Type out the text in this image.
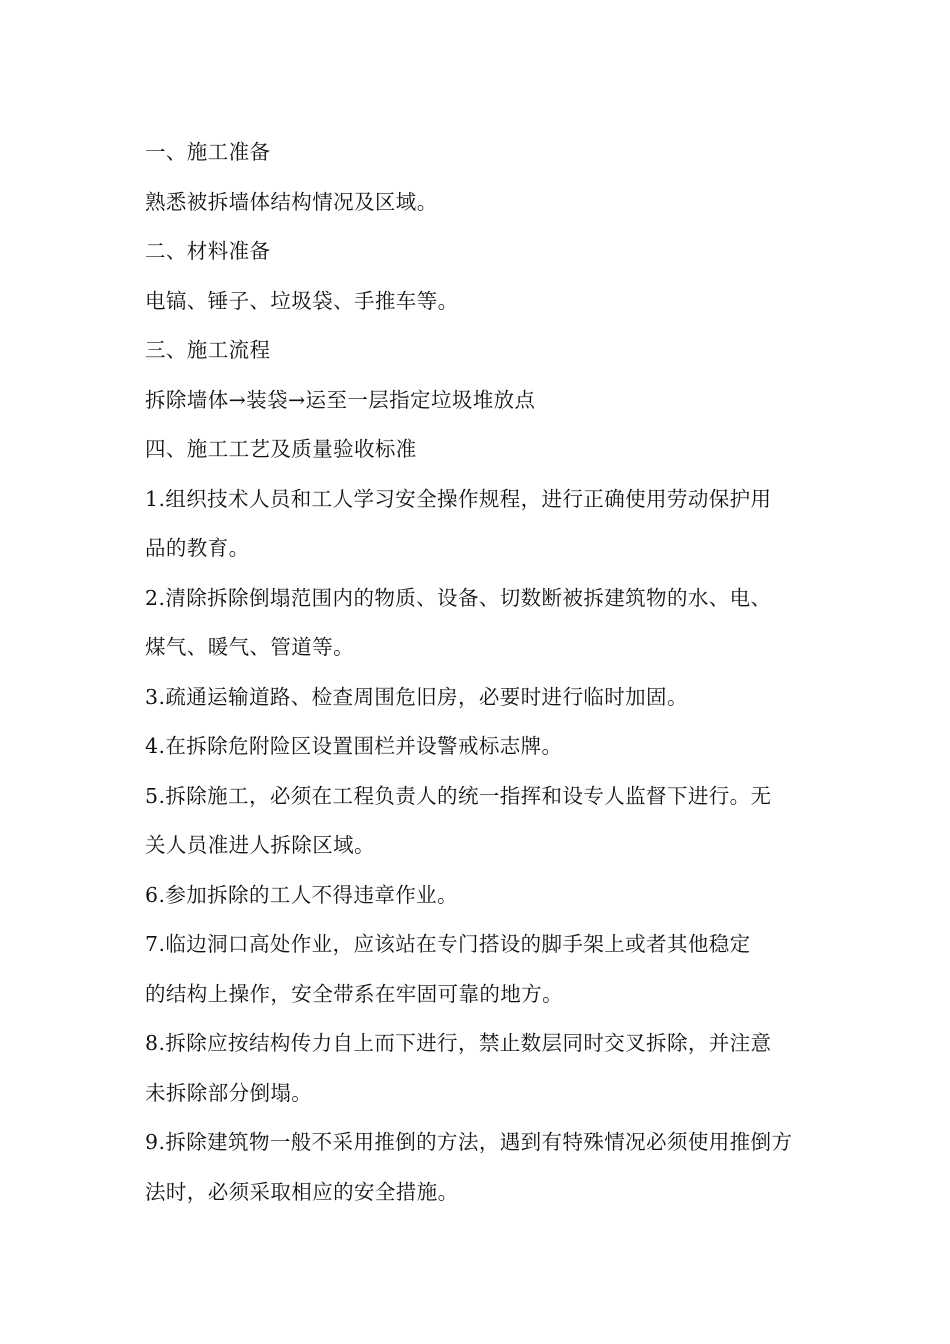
一、施工准备
熟悉被拆墙体结构情况及区域。
二、材料准备
电镐、锤子、垃圾袋、手推车等。
三、施工流程
拆除墙体→装袋→运至一层指定垃圾堆放点
四、施工工艺及质量验收标准
1.组织技术人员和工人学习安全操作规程，进行正确使用劳动保护用
品的教育。
2.清除拆除倒塌范围内的物质、设备、切数断被拆建筑物的水、电、
煤气、暖气、管道等。
3.疏通运输道路、检查周围危旧房，必要时进行临时加固。
4.在拆除危附险区设置围栏并设警戒标志牌。
5.拆除施工，必须在工程负责人的统一指挥和设专人监督下进行。无
关人员准进人拆除区域。
6.参加拆除的工人不得违章作业。
7.临边洞口高处作业，应该站在专门搭设的脚手架上或者其他稳定
的结构上操作，安全带系在牢固可靠的地方。
8.拆除应按结构传力自上而下进行，禁止数层同时交叉拆除，并注意
未拆除部分倒塌。
9.拆除建筑物一般不采用推倒的方法，遇到有特殊情况必须使用推倒方
法时，必须采取相应的安全措施。
